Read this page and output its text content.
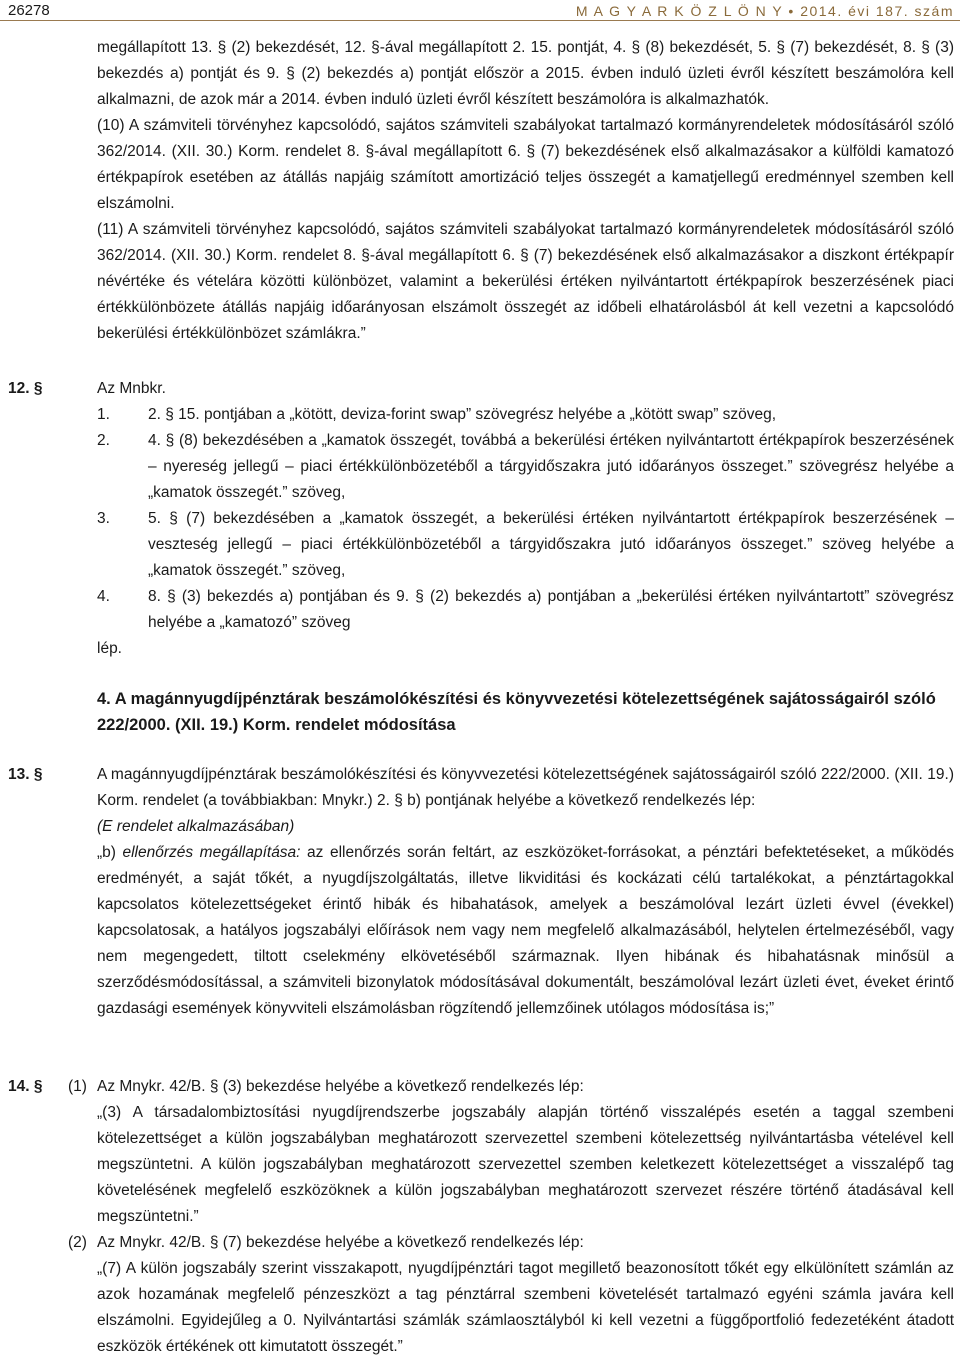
26278	M A G Y A R K Ö Z L Ö N Y • 2014. évi 187. szám

megállapított 13. § (2) bekezdését, 12. §-ával megállapított 2. 15. pontját, 4. § (8) bekezdését, 5. § (7) bekezdését, 8. § (3) bekezdés a) pontját és 9. § (2) bekezdés a) pontját először a 2015. évben induló üzleti évről készített beszámolóra kell alkalmazni, de azok már a 2014. évben induló üzleti évről készített beszámolóra is alkalmazhatók.

(10) A számviteli törvényhez kapcsolódó, sajátos számviteli szabályokat tartalmazó kormányrendeletek módosításáról szóló 362/2014. (XII. 30.) Korm. rendelet 8. §-ával megállapított 6. § (7) bekezdésének első alkalmazásakor a külföldi kamatozó értékpapírok esetében az átállás napjáig számított amortizáció teljes összegét a kamatjellegű eredménnyel szemben kell elszámolni.

(11) A számviteli törvényhez kapcsolódó, sajátos számviteli szabályokat tartalmazó kormányrendeletek módosításáról szóló 362/2014. (XII. 30.) Korm. rendelet 8. §-ával megállapított 6. § (7) bekezdésének első alkalmazásakor a diszkont értékpapír névértéke és vételára közötti különbözet, valamint a bekerülési értéken nyilvántartott értékpapírok beszerzésének piaci értékkülönbözete átállás napjáig időarányosan elszámolt összegét az időbeli elhatárolásból át kell vezetni a kapcsolódó bekerülési értékkülönbözet számlákra.”

12. §	Az Mnbkr.
1. 2. § 15. pontjában a „kötött, deviza-forint swap” szövegrész helyébe a „kötött swap” szöveg,

2. 4. § (8) bekezdésében a „kamatok összegét, továbbá a bekerülési értéken nyilvántartott értékpapírok beszerzésének – nyereség jellegű – piaci értékkülönbözetéből a tárgyidőszakra jutó időarányos összeget.” szövegrész helyébe a „kamatok összegét.” szöveg,

3. 5. § (7) bekezdésében a „kamatok összegét, a bekerülési értéken nyilvántartott értékpapírok beszerzésének – veszteség jellegű – piaci értékkülönbözetéből a tárgyidőszakra jutó időarányos összeget.” szöveg helyébe a „kamatok összegét.” szöveg,

4. 8. § (3) bekezdés a) pontjában és 9. § (2) bekezdés a) pontjában a „bekerülési értéken nyilvántartott” szövegrész helyébe a „kamatozó” szöveg

lép.
4. A magánnyugdíjpénztárak beszámolókészítési és könyvvezetési kötelezettségének sajátosságairól szóló 222/2000. (XII. 19.) Korm. rendelet módosítása
13. §	A magánnyugdíjpénztárak beszámolókészítési és könyvvezetési kötelezettségének sajátosságairól szóló 222/2000. (XII. 19.) Korm. rendelet (a továbbiakban: Mnykr.) 2. § b) pontjának helyébe a következő rendelkezés lép:

(E rendelet alkalmazásában)

„b) ellenőrzés megállapítása: az ellenőrzés során feltárt, az eszközöket-forrásokat, a pénztári befektetéseket, a működés eredményét, a saját tőkét, a nyugdíjszolgáltatás, illetve likviditási és kockázati célú tartalékokat, a pénztártagokkal kapcsolatos kötelezettségeket érintő hibák és hibahatások, amelyek a beszámolóval lezárt üzleti évvel (évekkel) kapcsolatosak, a hatályos jogszabályi előírások nem vagy nem megfelelő alkalmazásából, helytelen értelmezéséből, vagy nem megengedett, tiltott cselekmény elkövetéséből származnak. Ilyen hibának és hibahatásnak minősül a szerződésmódosítással, a számviteli bizonylatok módosításával dokumentált, beszámolóval lezárt üzleti évet, éveket érintő gazdasági események könyvviteli elszámolásban rögzítendő jellemzőinek utólagos módosítása is;”

14. § (1) Az Mnykr. 42/B. § (3) bekezdése helyébe a következő rendelkezés lép:

„(3) A társadalombiztosítási nyugdíjrendszerbe jogszabály alapján történő visszalépés esetén a taggal szembeni kötelezettséget a külön jogszabályban meghatározott szervezettel szembeni kötelezettség nyilvántartásba vételével kell megszüntetni. A külön jogszabályban meghatározott szervezettel szemben keletkezett kötelezettséget a visszalépő tag követelésének megfelelő eszközöknek a külön jogszabályban meghatározott szervezet részére történő átadásával kell megszüntetni.”

(2) Az Mnykr. 42/B. § (7) bekezdése helyébe a következő rendelkezés lép:

„(7) A külön jogszabály szerint visszakapott, nyugdíjpénztári tagot megillető beazonosított tőkét egy elkülönített számlán az azok hozamának megfelelő pénzeszközt a tag pénztárral szembeni követelését tartalmazó egyéni számla javára kell elszámolni. Egyidejűleg a 0. Nyilvántartási számlák számlaosztályból ki kell vezetni a függőportfolió fedezetéként átadott eszközök értékének ott kimutatott összegét.”
